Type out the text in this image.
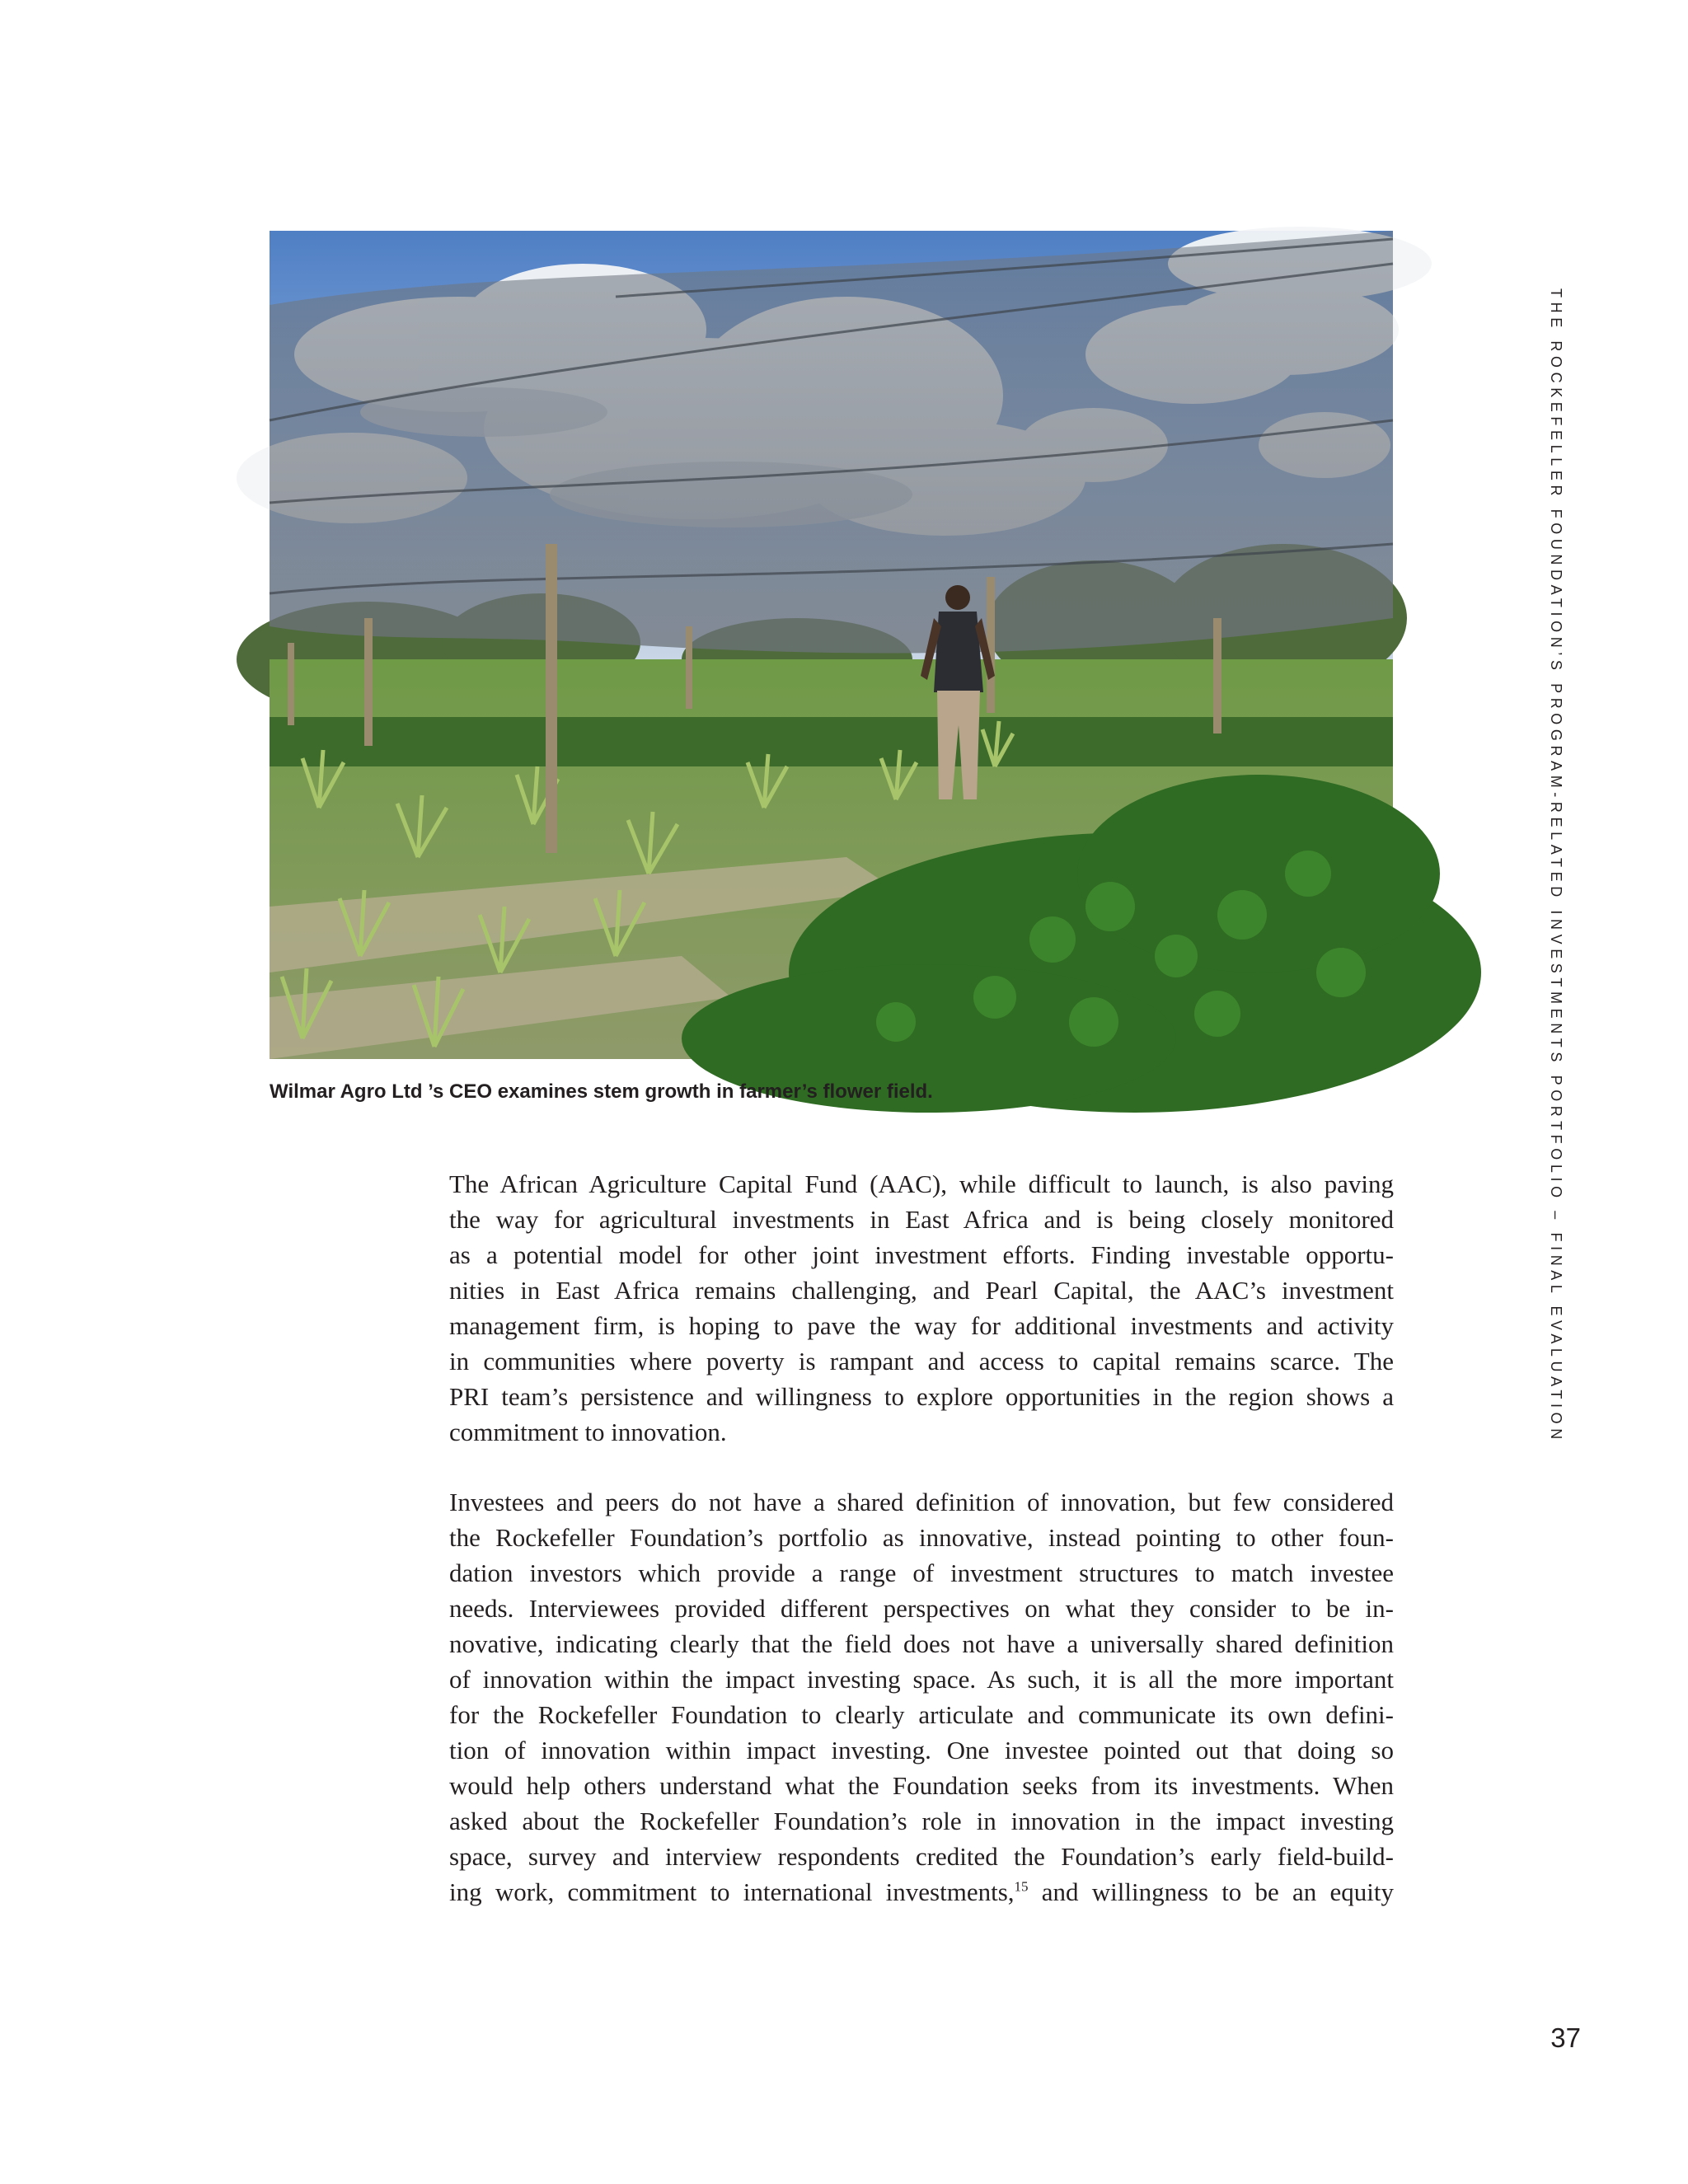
© Arabella
Wilmar Agro Ltd ’s CEO examines stem growth in farmer’s flower field.

The African Agriculture Capital Fund (AAC), while difficult to launch, is also paving
the way for agricultural investments in East Africa and is being closely monitored
as a potential model for other joint investment efforts. Finding investable opportu-
nities in East Africa remains challenging, and Pearl Capital, the AAC’s investment
management firm, is hoping to pave the way for additional investments and activity
in communities where poverty is rampant and access to capital remains scarce. The
PRI team’s persistence and willingness to explore opportunities in the region shows a
commitment to innovation.

Investees and peers do not have a shared definition of innovation, but few considered
the Rockefeller Foundation’s portfolio as innovative, instead pointing to other foun-
dation investors which provide a range of investment structures to match investee
needs. Interviewees provided different perspectives on what they consider to be in-
novative, indicating clearly that the field does not have a universally shared definition
of innovation within the impact investing space. As such, it is all the more important
for the Rockefeller Foundation to clearly articulate and communicate its own defini-
tion of innovation within impact investing. One investee pointed out that doing so
would help others understand what the Foundation seeks from its investments. When
asked about the Rockefeller Foundation’s role in innovation in the impact investing
space, survey and interview respondents credited the Foundation’s early field-build-
ing work, commitment to international investments,$^{15}$ and willingness to be an equity

THE ROCKEFELLER FOUNDATION’S PROGRAM-RELATED INVESTMENTS PORTFOLIO – FINAL EVALUATION
37
